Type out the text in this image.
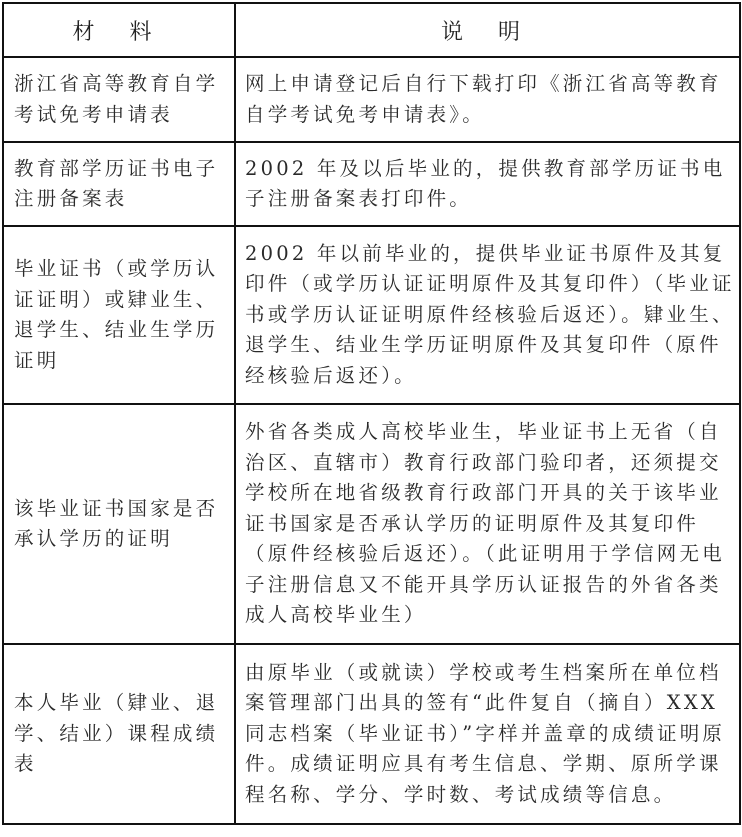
材 料	说 明

浙江省高等教育自学考试免考申请表	网上申请登记后自行下载打印《浙江省高等教育自学考试免考申请表》。

教育部学历证书电子注册备案表	2002 年及以后毕业的，提供教育部学历证书电子注册备案表打印件。

毕业证书（或学历认证证明）或肄业生、退学生、结业生学历证明	2002 年以前毕业的，提供毕业证书原件及其复印件（或学历认证证明原件及其复印件）（毕业证书或学历认证证明原件经核验后返还）。肄业生、退学生、结业生学历证明原件及其复印件（原件经核验后返还）。

该毕业证书国家是否承认学历的证明	外省各类成人高校毕业生，毕业证书上无省（自治区、直辖市）教育行政部门验印者，还须提交学校所在地省级教育行政部门开具的关于该毕业证书国家是否承认学历的证明原件及其复印件（原件经核验后返还）。（此证明用于学信网无电子注册信息又不能开具学历认证报告的外省各类成人高校毕业生）

本人毕业（肄业、退学、结业）课程成绩表	由原毕业（或就读）学校或考生档案所在单位档案管理部门出具的签有“此件复自（摘自）XXX 同志档案（毕业证书）”字样并盖章的成绩证明原件。成绩证明应具有考生信息、学期、原所学课程名称、学分、学时数、考试成绩等信息。
